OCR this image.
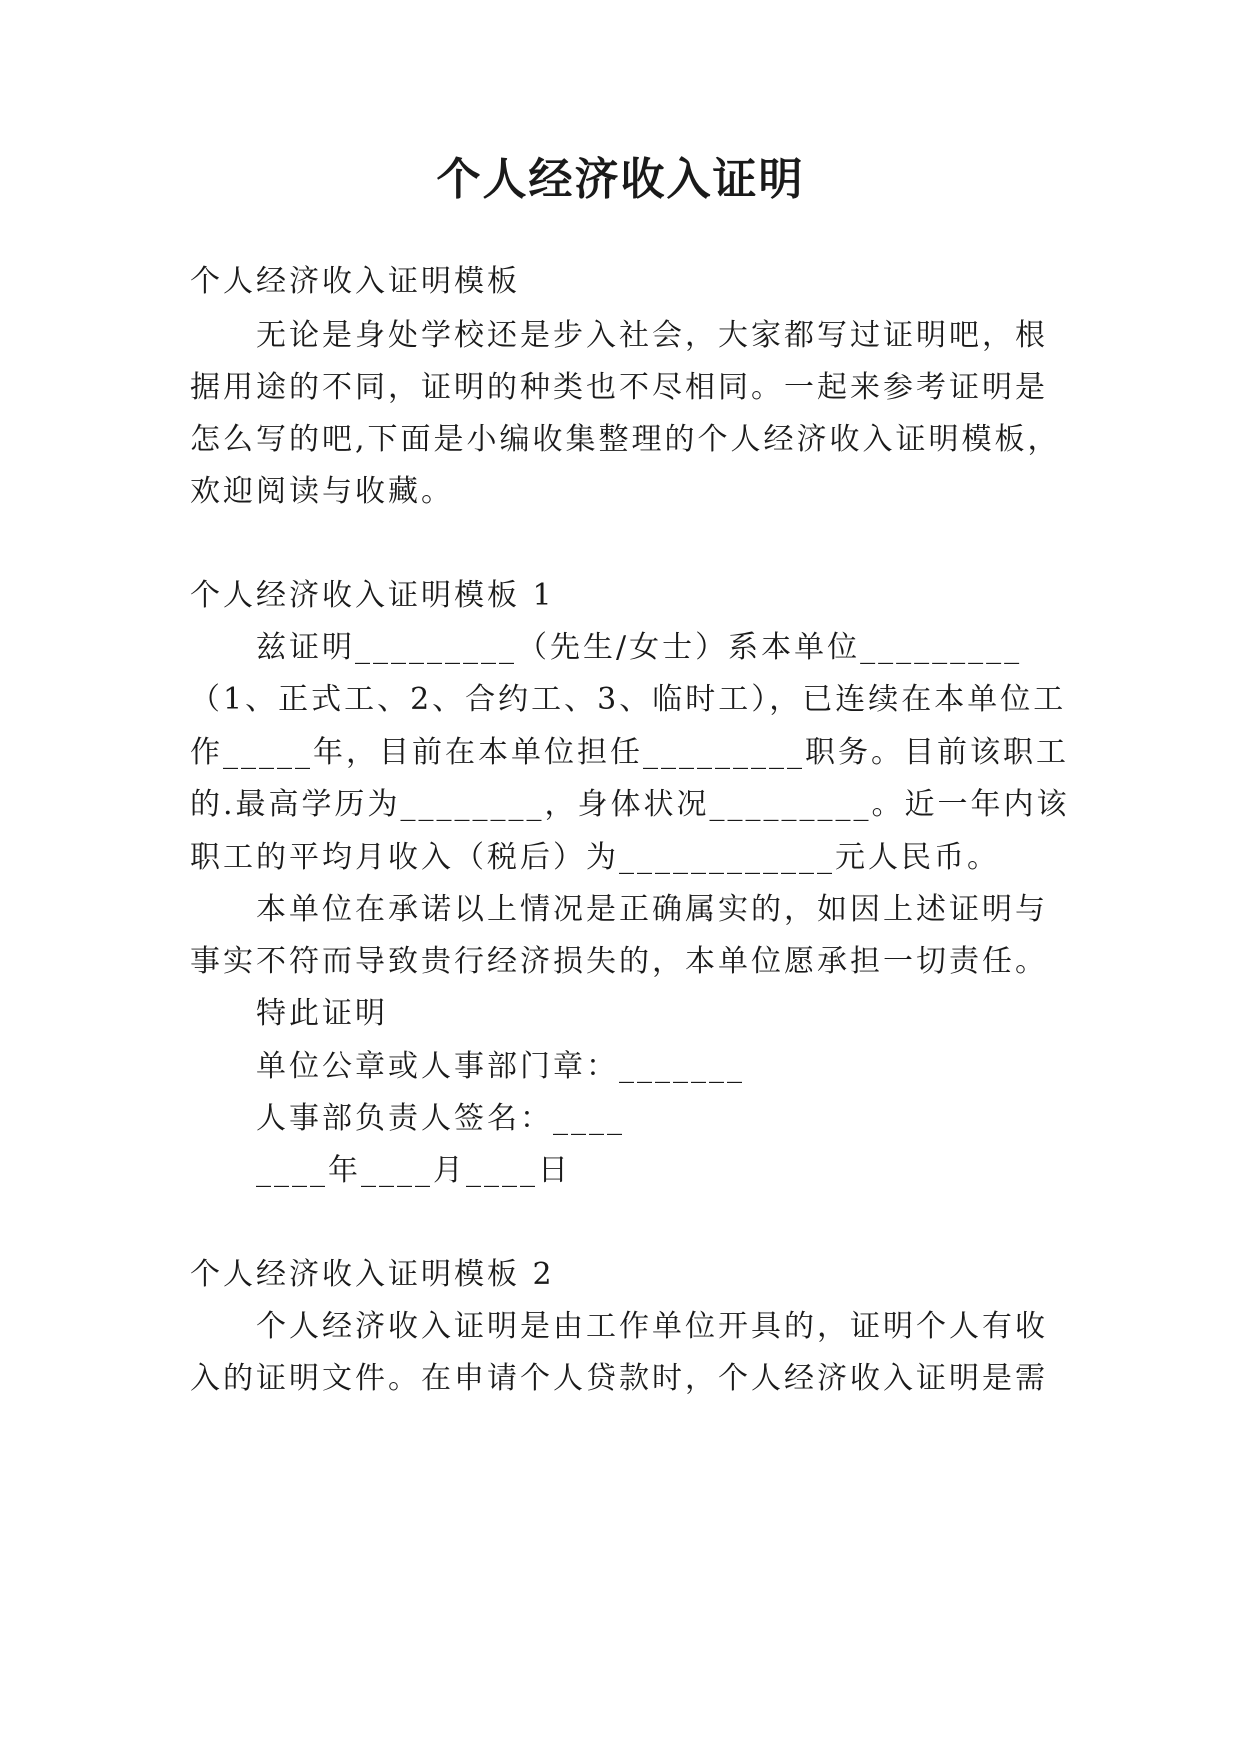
个人经济收入证明
个人经济收入证明模板
无论是身处学校还是步入社会，大家都写过证明吧，根
据用途的不同，证明的种类也不尽相同。一起来参考证明是
怎么写的吧,下面是小编收集整理的个人经济收入证明模板，
欢迎阅读与收藏。
个人经济收入证明模板 1
兹证明_________（先生/女士）系本单位_________
（1、正式工、2、合约工、3、临时工），已连续在本单位工
作_____年，目前在本单位担任_________职务。目前该职工
的.最高学历为________，身体状况_________。近一年内该
职工的平均月收入（税后）为____________元人民币。
本单位在承诺以上情况是正确属实的，如因上述证明与
事实不符而导致贵行经济损失的，本单位愿承担一切责任。
特此证明
单位公章或人事部门章：_______
人事部负责人签名：____
____年____月____日
个人经济收入证明模板 2
个人经济收入证明是由工作单位开具的，证明个人有收
入的证明文件。在申请个人贷款时，个人经济收入证明是需
